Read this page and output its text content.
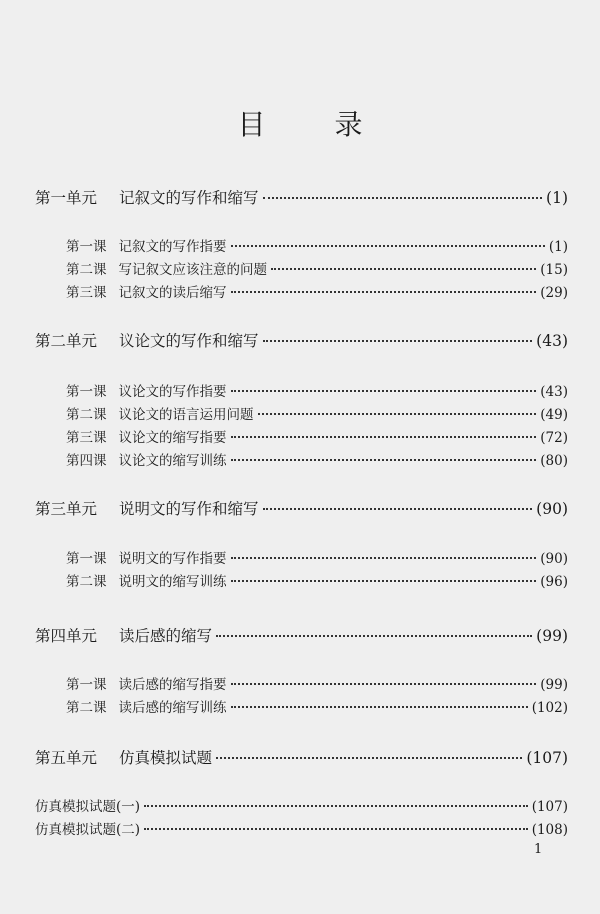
目 录
第一单元 记叙文的写作和缩写	(1)
第一课 记叙文的写作指要	(1)
第二课 写记叙文应该注意的问题	(15)
第三课 记叙文的读后缩写	(29)
第二单元 议论文的写作和缩写	(43)
第一课 议论文的写作指要	(43)
第二课 议论文的语言运用问题	(49)
第三课 议论文的缩写指要	(72)
第四课 议论文的缩写训练	(80)
第三单元 说明文的写作和缩写	(90)
第一课 说明文的写作指要	(90)
第二课 说明文的缩写训练	(96)
第四单元 读后感的缩写	(99)
第一课 读后感的缩写指要	(99)
第二课 读后感的缩写训练	(102)
第五单元 仿真模拟试题	(107)
仿真模拟试题(一)	(107)
仿真模拟试题(二)	(108)
1
